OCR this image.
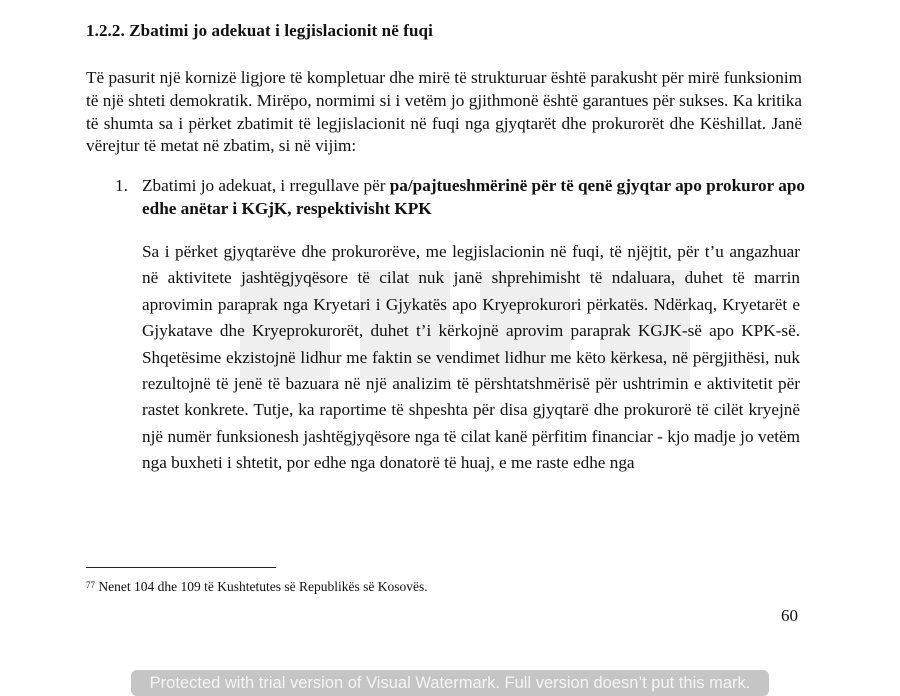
1.2.2. Zbatimi jo adekuat i legjislacionit në fuqi

Të pasurit një kornizë ligjore të kompletuar dhe mirë të strukturuar është parakusht për mirë funksionim të një shteti demokratik. Mirëpo, normimi si i vetëm jo gjithmonë është garantues për sukses. Ka kritika të shumta sa i përket zbatimit të legjislacionit në fuqi nga gjyqtarët dhe prokurorët dhe Këshillat. Janë vërejtur të metat në zbatim, si në vijim:

1. Zbatimi jo adekuat, i rregullave për pa/pajtueshmërinë për të qenë gjyqtar apo prokuror apo edhe anëtar i KGjK, respektivisht KPK

Sa i përket gjyqtarëve dhe prokurorëve, me legjislacionin në fuqi, të njëjtit, për t’u angazhuar në aktivitete jashtëgjyqësore të cilat nuk janë shprehimisht të ndaluara, duhet të marrin aprovimin paraprak nga Kryetari i Gjykatës apo Kryeprokurori përkatës. Ndërkaq, Kryetarët e Gjykatave dhe Kryeprokurorët, duhet t’i kërkojnë aprovim paraprak KGJK-së apo KPK-së. Shqetësime ekzistojnë lidhur me faktin se vendimet lidhur me këto kërkesa, në përgjithësi, nuk rezultojnë të jenë të bazuara në një analizim të përshtatshmërisë për ushtrimin e aktivitetit për rastet konkrete. Tutje, ka raportime të shpeshta për disa gjyqtarë dhe prokurorë të cilët kryejnë një numër funksionesh jashtëgjyqësore nga të cilat kanë përfitim financiar - kjo madje jo vetëm nga buxheti i shtetit, por edhe nga donatorë të huaj, e me raste edhe nga

$^{77}$ Nenet 104 dhe 109 të Kushtetutes së Republikës së Kosovës.
60
Protected with trial version of Visual Watermark. Full version doesn’t put this mark.
